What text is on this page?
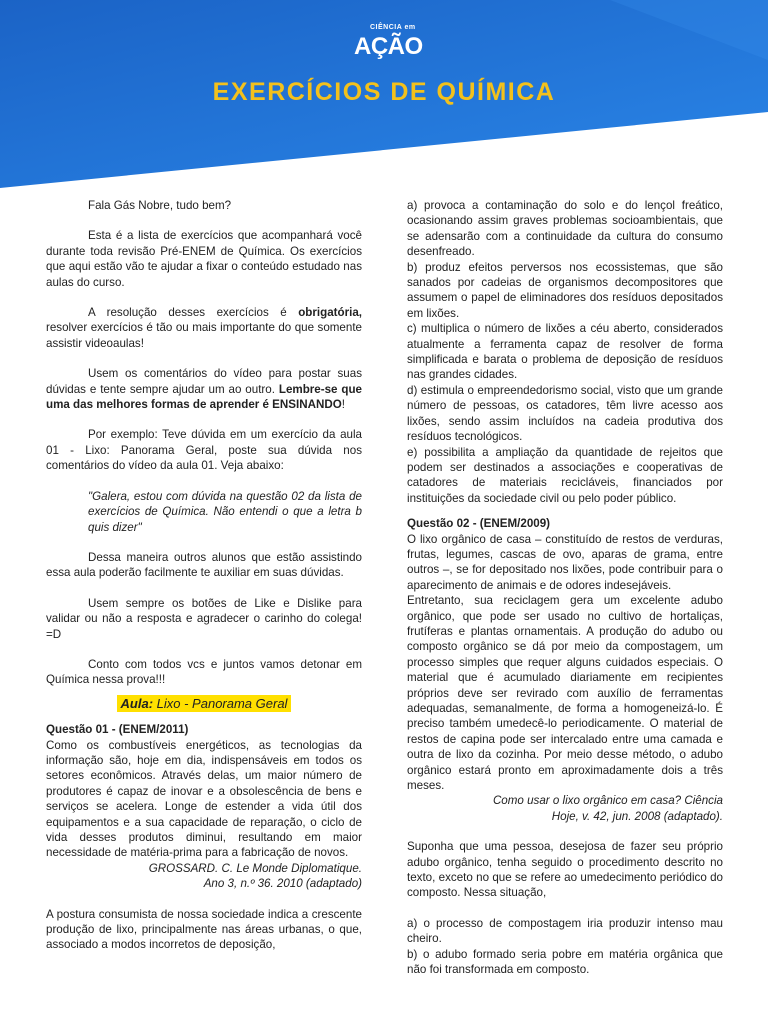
CIÊNCIA em
AÇÃO
EXERCÍCIOS DE QUÍMICA

Fala Gás Nobre, tudo bem?

Esta é a lista de exercícios que acompanhará você durante toda revisão Pré-ENEM de Química. Os exercícios que aqui estão vão te ajudar a fixar o conteúdo estudado nas aulas do curso.

A resolução desses exercícios é obrigatória, resolver exercícios é tão ou mais importante do que somente assistir videoaulas!

Usem os comentários do vídeo para postar suas dúvidas e tente sempre ajudar um ao outro. Lembre-se que uma das melhores formas de aprender é ENSINANDO!

Por exemplo: Teve dúvida em um exercício da aula 01 - Lixo: Panorama Geral, poste sua dúvida nos comentários do vídeo da aula 01. Veja abaixo:

"Galera, estou com dúvida na questão 02 da lista de exercícios de Química. Não entendi o que a letra b quis dizer"

Dessa maneira outros alunos que estão assistindo essa aula poderão facilmente te auxiliar em suas dúvidas.

Usem sempre os botões de Like e Dislike para validar ou não a resposta e agradecer o carinho do colega! =D

Conto com todos vcs e juntos vamos detonar em Química nessa prova!!!

Aula: Lixo - Panorama Geral

Questão 01 - (ENEM/2011)

Como os combustíveis energéticos, as tecnologias da informação são, hoje em dia, indispensáveis em todos os setores econômicos. Através delas, um maior número de produtores é capaz de inovar e a obsolescência de bens e serviços se acelera. Longe de estender a vida útil dos equipamentos e a sua capacidade de reparação, o ciclo de vida desses produtos diminui, resultando em maior necessidade de matéria-prima para a fabricação de novos.

GROSSARD. C. Le Monde Diplomatique.

Ano 3, n.º 36. 2010 (adaptado)

A postura consumista de nossa sociedade indica a crescente produção de lixo, principalmente nas áreas urbanas, o que, associado a modos incorretos de deposição,

a) provoca a contaminação do solo e do lençol freático, ocasionando assim graves problemas socioambientais, que se adensarão com a continuidade da cultura do consumo desenfreado.

b) produz efeitos perversos nos ecossistemas, que são sanados por cadeias de organismos decompositores que assumem o papel de eliminadores dos resíduos depositados em lixões.

c) multiplica o número de lixões a céu aberto, considerados atualmente a ferramenta capaz de resolver de forma simplificada e barata o problema de deposição de resíduos nas grandes cidades.

d) estimula o empreendedorismo social, visto que um grande número de pessoas, os catadores, têm livre acesso aos lixões, sendo assim incluídos na cadeia produtiva dos resíduos tecnológicos.

e) possibilita a ampliação da quantidade de rejeitos que podem ser destinados a associações e cooperativas de catadores de materiais recicláveis, financiados por instituições da sociedade civil ou pelo poder público.

Questão 02 - (ENEM/2009)

O lixo orgânico de casa – constituído de restos de verduras, frutas, legumes, cascas de ovo, aparas de grama, entre outros –, se for depositado nos lixões, pode contribuir para o aparecimento de animais e de odores indesejáveis.

Entretanto, sua reciclagem gera um excelente adubo orgânico, que pode ser usado no cultivo de hortaliças, frutíferas e plantas ornamentais. A produção do adubo ou composto orgânico se dá por meio da compostagem, um processo simples que requer alguns cuidados especiais. O material que é acumulado diariamente em recipientes próprios deve ser revirado com auxílio de ferramentas adequadas, semanalmente, de forma a homogeneizá-lo. É preciso também umedecê-lo periodicamente. O material de restos de capina pode ser intercalado entre uma camada e outra de lixo da cozinha. Por meio desse método, o adubo orgânico estará pronto em aproximadamente dois a três meses.

Como usar o lixo orgânico em casa? Ciência

Hoje, v. 42, jun. 2008 (adaptado).

Suponha que uma pessoa, desejosa de fazer seu próprio adubo orgânico, tenha seguido o procedimento descrito no texto, exceto no que se refere ao umedecimento periódico do composto. Nessa situação,

a) o processo de compostagem iria produzir intenso mau cheiro.

b) o adubo formado seria pobre em matéria orgânica que não foi transformada em composto.
